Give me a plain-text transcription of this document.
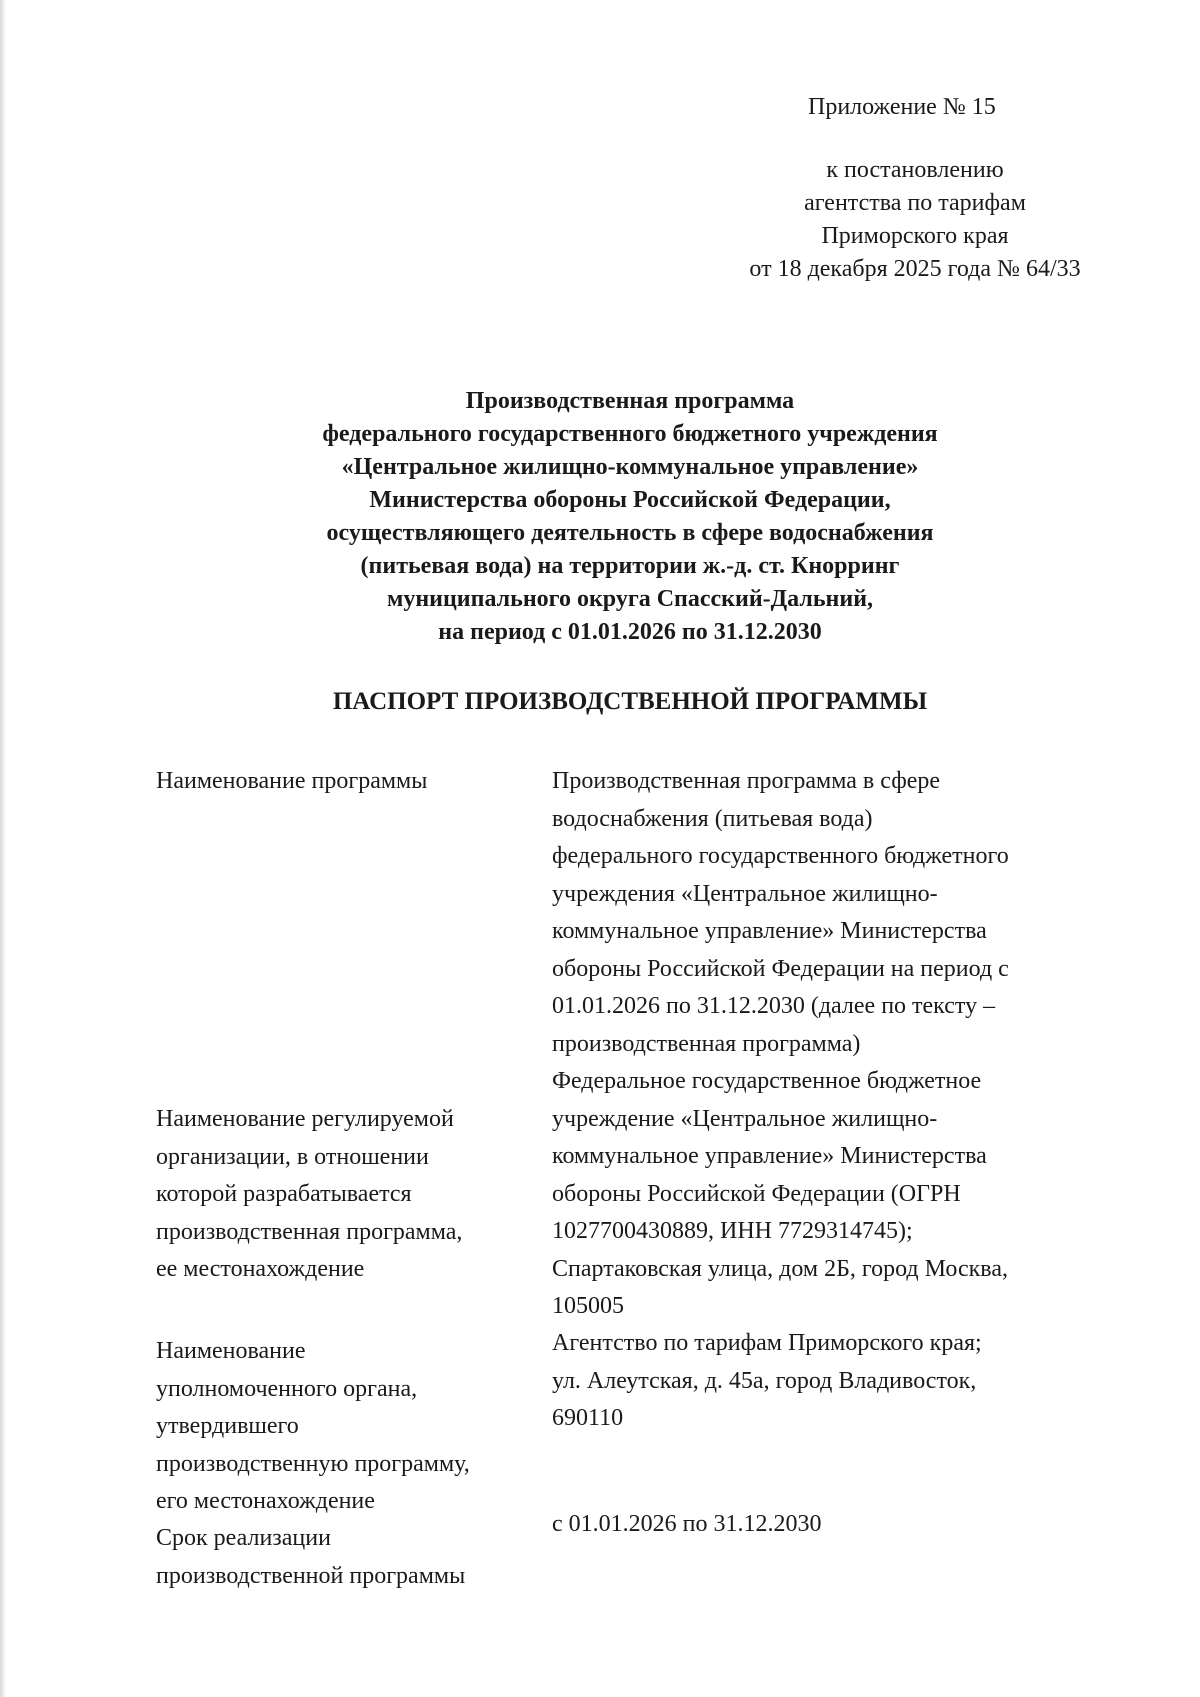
Приложение № 15
к постановлению
агентства по тарифам
Приморского края
от 18 декабря 2025 года № 64/33
Производственная программа
федерального государственного бюджетного учреждения
«Центральное жилищно-коммунальное управление»
Министерства обороны Российской Федерации,
осуществляющего деятельность в сфере водоснабжения
(питьевая вода) на территории ж.-д. ст. Кнорринг
муниципального округа Спасский-Дальний,
на период с 01.01.2026 по 31.12.2030
ПАСПОРТ ПРОИЗВОДСТВЕННОЙ ПРОГРАММЫ
Наименование программы	Производственная программа в сфере
водоснабжения (питьевая вода)
федерального государственного бюджетного
учреждения «Центральное жилищно-
коммунальное управление» Министерства
обороны Российской Федерации на период с
01.01.2026 по 31.12.2030 (далее по тексту –
производственная программа)
Наименование регулируемой
организации, в отношении
которой разрабатывается
производственная программа,
ее местонахождение
Федеральное государственное бюджетное
учреждение «Центральное жилищно-
коммунальное управление» Министерства
обороны Российской Федерации (ОГРН
1027700430889, ИНН 7729314745);
Спартаковская улица, дом 2Б, город Москва,
105005
Наименование
уполномоченного органа,
утвердившего
производственную программу,
его местонахождение
Агентство по тарифам Приморского края;
ул. Алеутская, д. 45а, город Владивосток,
690110
Срок реализации
производственной программы
с 01.01.2026 по 31.12.2030
